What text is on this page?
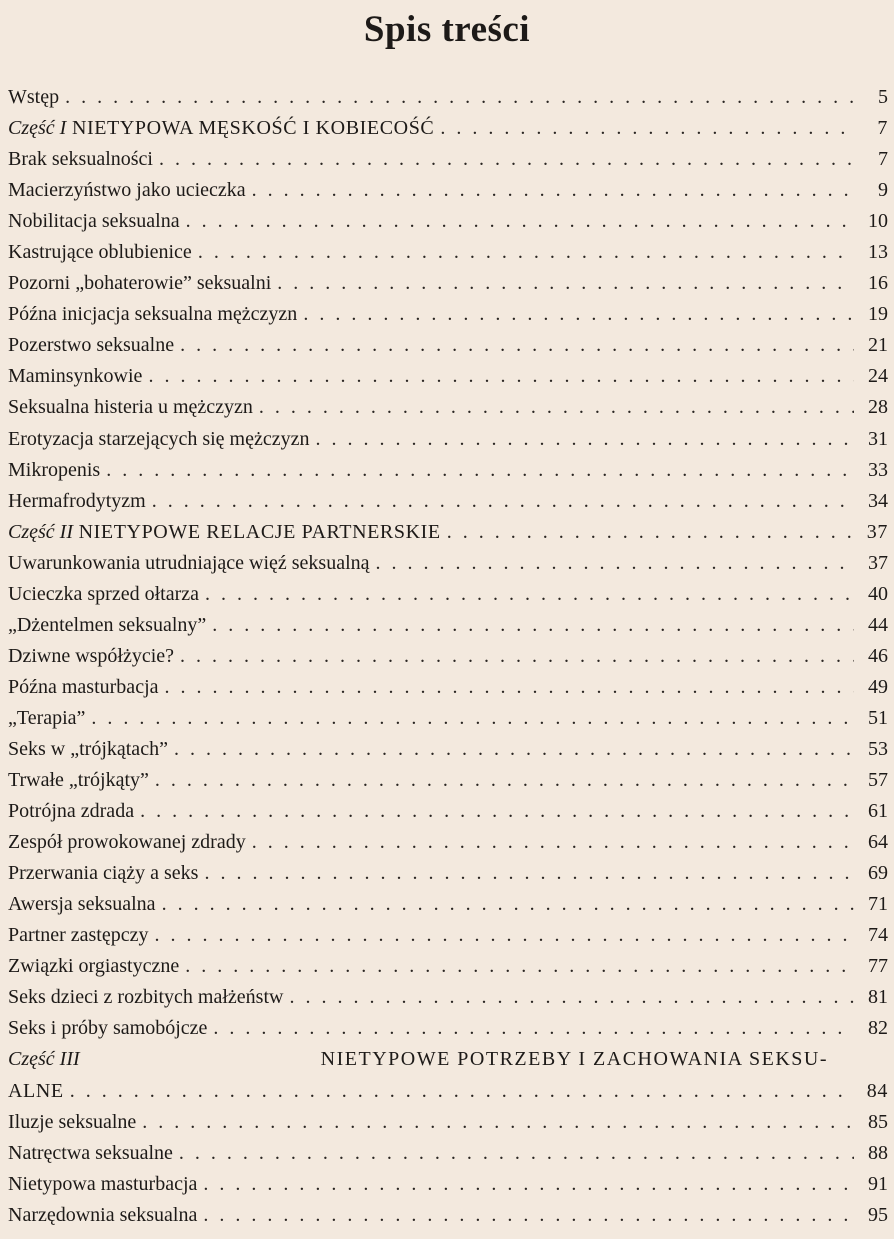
Spis treści
Wstęp . . .	5
Część I NIETYPOWA MĘSKOŚĆ I KOBIECOŚĆ . . .	7
Brak seksualności . . .	7
Macierzyństwo jako ucieczka . . .	9
Nobilitacja seksualna . . .	10
Kastrujące oblubienice . . .	13
Pozorni „bohaterowie” seksualni . . .	16
Późna inicjacja seksualna mężczyzn . . .	19
Pozerstwo seksualne . . .	21
Maminsynkowie . . .	24
Seksualna histeria u mężczyzn . . .	28
Erotyzacja starzejących się mężczyzn . . .	31
Mikropenis . . .	33
Hermafrodytyzm . . .	34
Część II NIETYPOWE RELACJE PARTNERSKIE . . .	37
Uwarunkowania utrudniające więź seksualną . . .	37
Ucieczka sprzed ołtarza . . .	40
„Dżentelmen seksualny” . . .	44
Dziwne współżycie? . . .	46
Późna masturbacja . . .	49
„Terapia” . . .	51
Seks w „trójkątach” . . .	53
Trwałe „trójkąty” . . .	57
Potrójna zdrada . . .	61
Zespół prowokowanej zdrady . . .	64
Przerwania ciąży a seks . . .	69
Awersja seksualna . . .	71
Partner zastępczy . . .	74
Związki orgiastyczne . . .	77
Seks dzieci z rozbitych małżeństw . . .	81
Seks i próby samobójcze . . .	82
Część III	NIETYPOWE POTRZEBY I ZACHOWANIA SEKSU-
ALNE . . .	84
Iluzje seksualne . . .	85
Natręctwa seksualne . . .	88
Nietypowa masturbacja . . .	91
Narzędownia seksualna . . .	95
